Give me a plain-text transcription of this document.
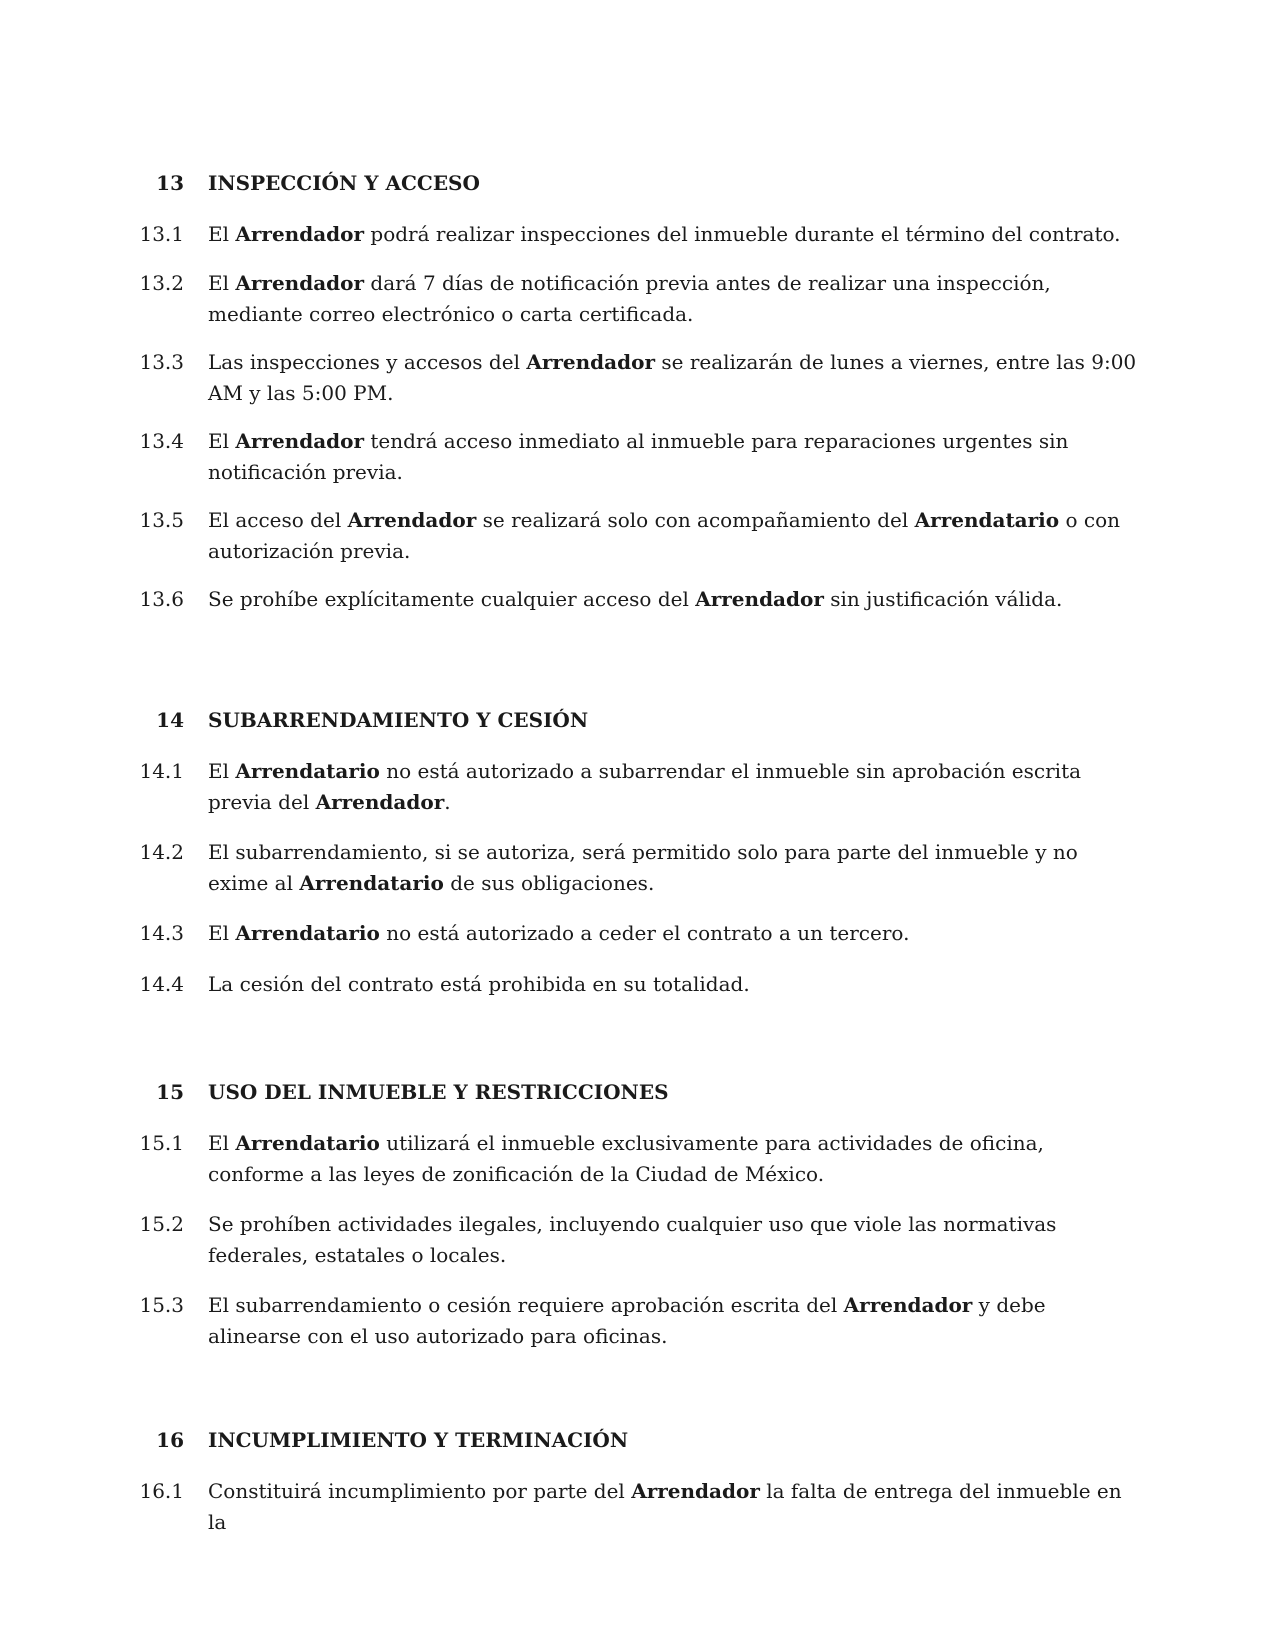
13 INSPECCIÓN Y ACCESO
13.1 El Arrendador podrá realizar inspecciones del inmueble durante el término del contrato.
13.2 El Arrendador dará 7 días de notificación previa antes de realizar una inspección, mediante correo electrónico o carta certificada.
13.3 Las inspecciones y accesos del Arrendador se realizarán de lunes a viernes, entre las 9:00 AM y las 5:00 PM.
13.4 El Arrendador tendrá acceso inmediato al inmueble para reparaciones urgentes sin notificación previa.
13.5 El acceso del Arrendador se realizará solo con acompañamiento del Arrendatario o con autorización previa.
13.6 Se prohíbe explícitamente cualquier acceso del Arrendador sin justificación válida.
14 SUBARRENDAMIENTO Y CESIÓN
14.1 El Arrendatario no está autorizado a subarrendar el inmueble sin aprobación escrita previa del Arrendador.
14.2 El subarrendamiento, si se autoriza, será permitido solo para parte del inmueble y no exime al Arrendatario de sus obligaciones.
14.3 El Arrendatario no está autorizado a ceder el contrato a un tercero.
14.4 La cesión del contrato está prohibida en su totalidad.
15 USO DEL INMUEBLE Y RESTRICCIONES
15.1 El Arrendatario utilizará el inmueble exclusivamente para actividades de oficina, conforme a las leyes de zonificación de la Ciudad de México.
15.2 Se prohíben actividades ilegales, incluyendo cualquier uso que viole las normativas federales, estatales o locales.
15.3 El subarrendamiento o cesión requiere aprobación escrita del Arrendador y debe alinearse con el uso autorizado para oficinas.
16 INCUMPLIMIENTO Y TERMINACIÓN
16.1 Constituirá incumplimiento por parte del Arrendador la falta de entrega del inmueble en la
